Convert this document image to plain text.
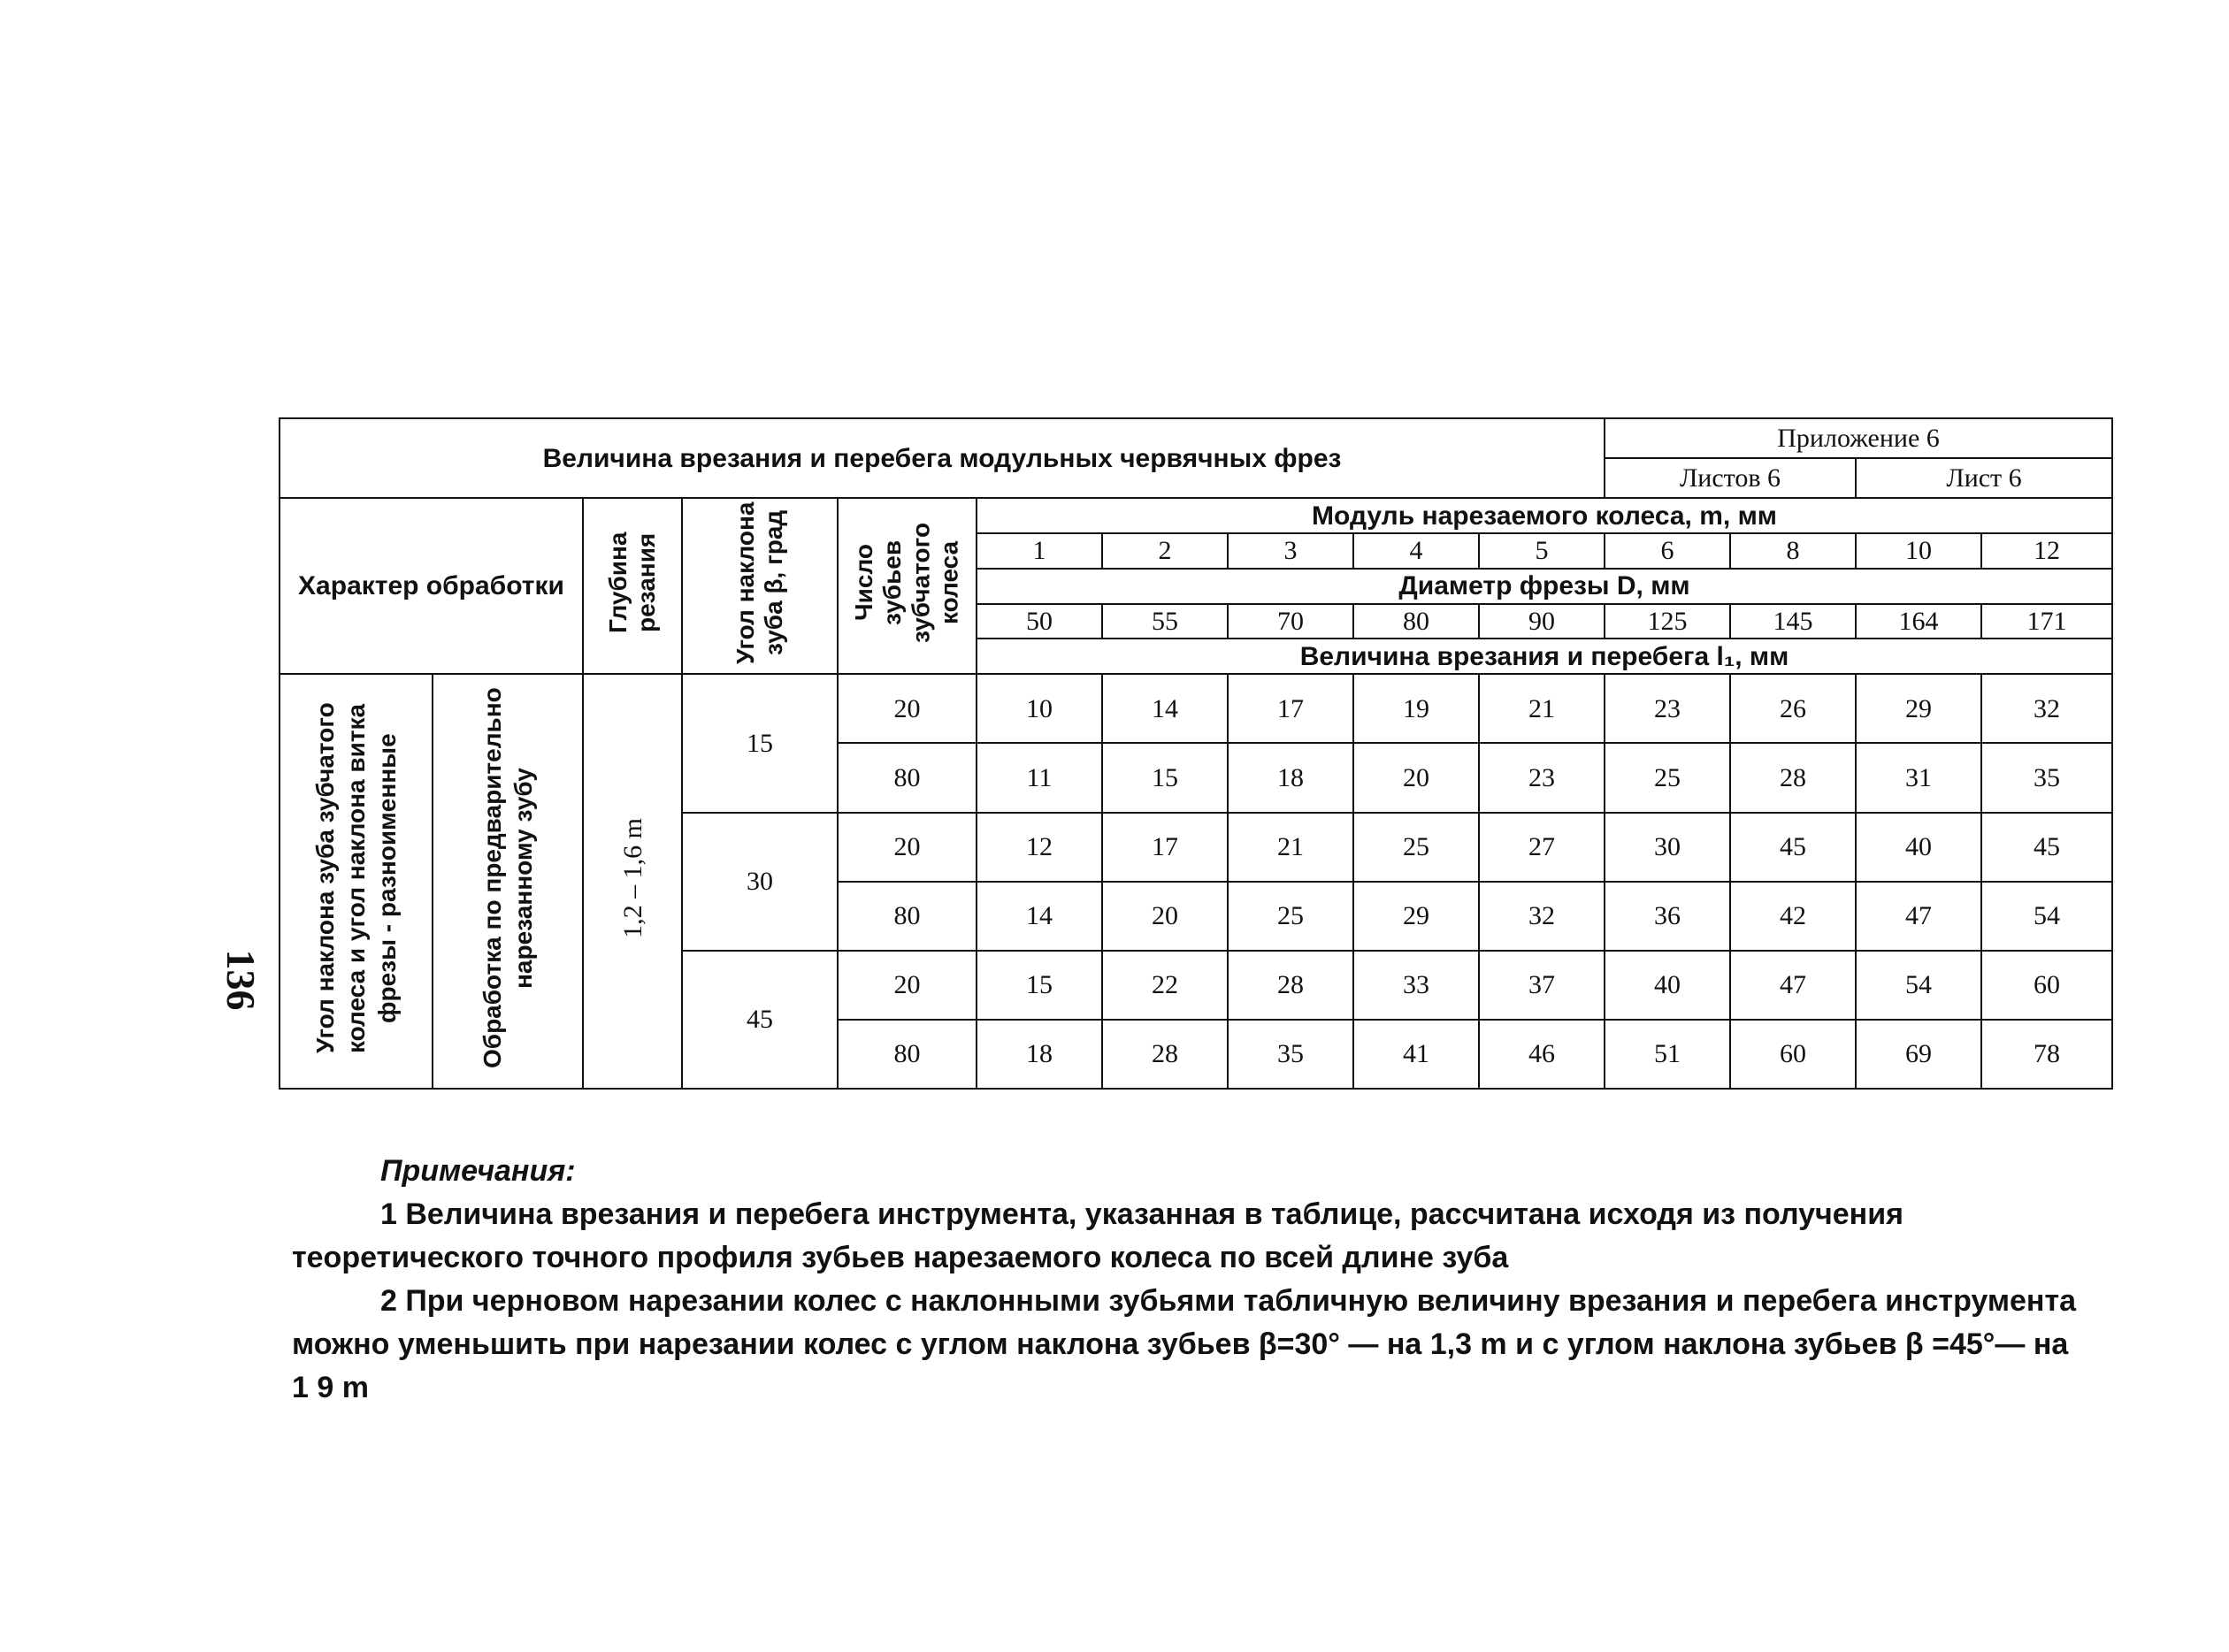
136
Величина врезания и перебега модульных червячных фрез										Приложение 6			
										Листов 6		Лист 6	
Характер обработки		Глубина резания	Угол наклона зуба β, град	Число зубьев зубчатого колеса	Модуль нарезаемого колеса, m, мм								
					1	2	3	4	5	6	8	10	12
					Диаметр фрезы D, мм								
					50	55	70	80	90	125	145	164	171
					Величина врезания и перебега l₁, мм								
Угол наклона зуба зубчатого колеса и угол наклона витка фрезы - разноименные	Обработка по предварительно нарезанному зубу	1,2 – 1,6 m	15	20	10	14	17	19	21	23	26	29	32
				80	11	15	18	20	23	25	28	31	35
			30	20	12	17	21	25	27	30	45	40	45
				80	14	20	25	29	32	36	42	47	54
			45	20	15	22	28	33	37	40	47	54	60
				80	18	28	35	41	46	51	60	69	78
Примечания:
1 Величина врезания и перебега инструмента, указанная в таблице, рассчитана исходя из получения
теоретического точного профиля зубьев нарезаемого колеса по всей длине зуба
2 При черновом нарезании колес с наклонными зубьями табличную величину врезания и перебега инструмента
можно уменьшить при нарезании колес с углом наклона зубьев β=30° — на 1,3 m и с углом наклона зубьев β =45°— на
1 9 m
